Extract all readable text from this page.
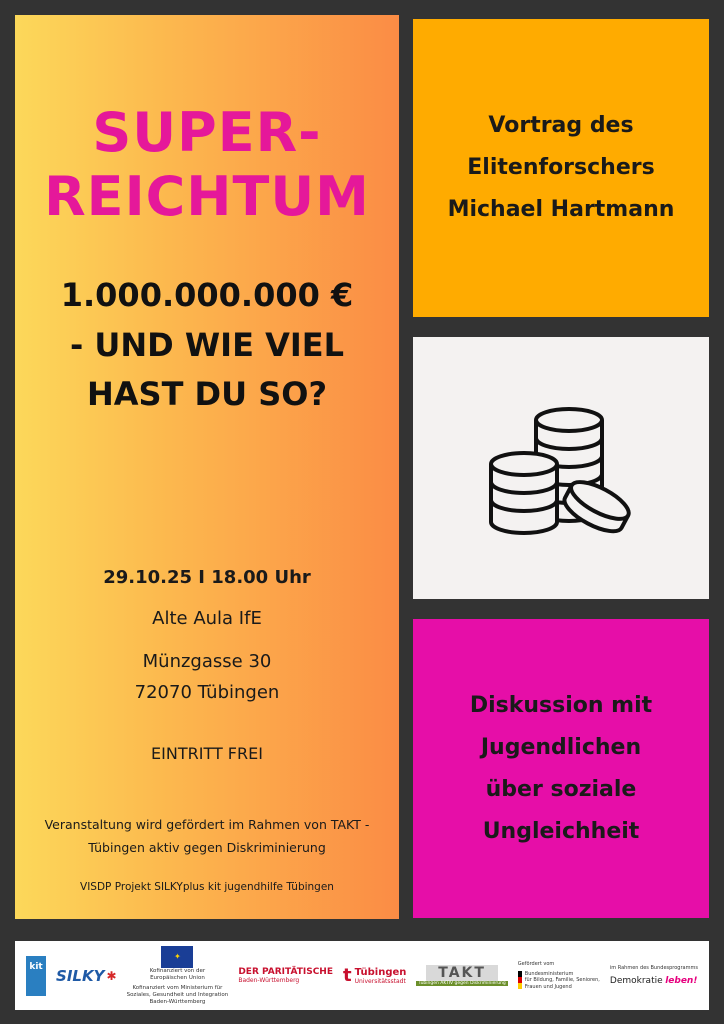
SUPER-

REICHTUM

1.000.000.000 €

- UND WIE VIEL

HAST DU SO?

29.10.25 I 18.00 Uhr

Alte Aula IfE

Münzgasse 30

72070 Tübingen

EINTRITT FREI

Veranstaltung wird gefördert im Rahmen von TAKT -

Tübingen aktiv gegen Diskriminierung

VISDP Projekt SILKYplus kit jugendhilfe Tübingen

Vortrag des

Elitenforschers

Michael Hartmann

Diskussion mit

Jugendlichen

über soziale

Ungleichheit

kit SILKY ✱
✦
Kofinanziert von der
Europäischen Union
Kofinanziert vom Ministerium für
Soziales, Gesundheit und Integration
Baden-Württemberg
DER PARITÄTISCHE
Baden-Württemberg t Tübingen
Universitätsstadt	TAKT
Tübingen AKTIV gegen Diskriminierung
Gefördert vom
Bundesministerium
für Bildung, Familie, Senioren,
Frauen und Jugend
im Rahmen des Bundesprogramms
Demokratie leben!
